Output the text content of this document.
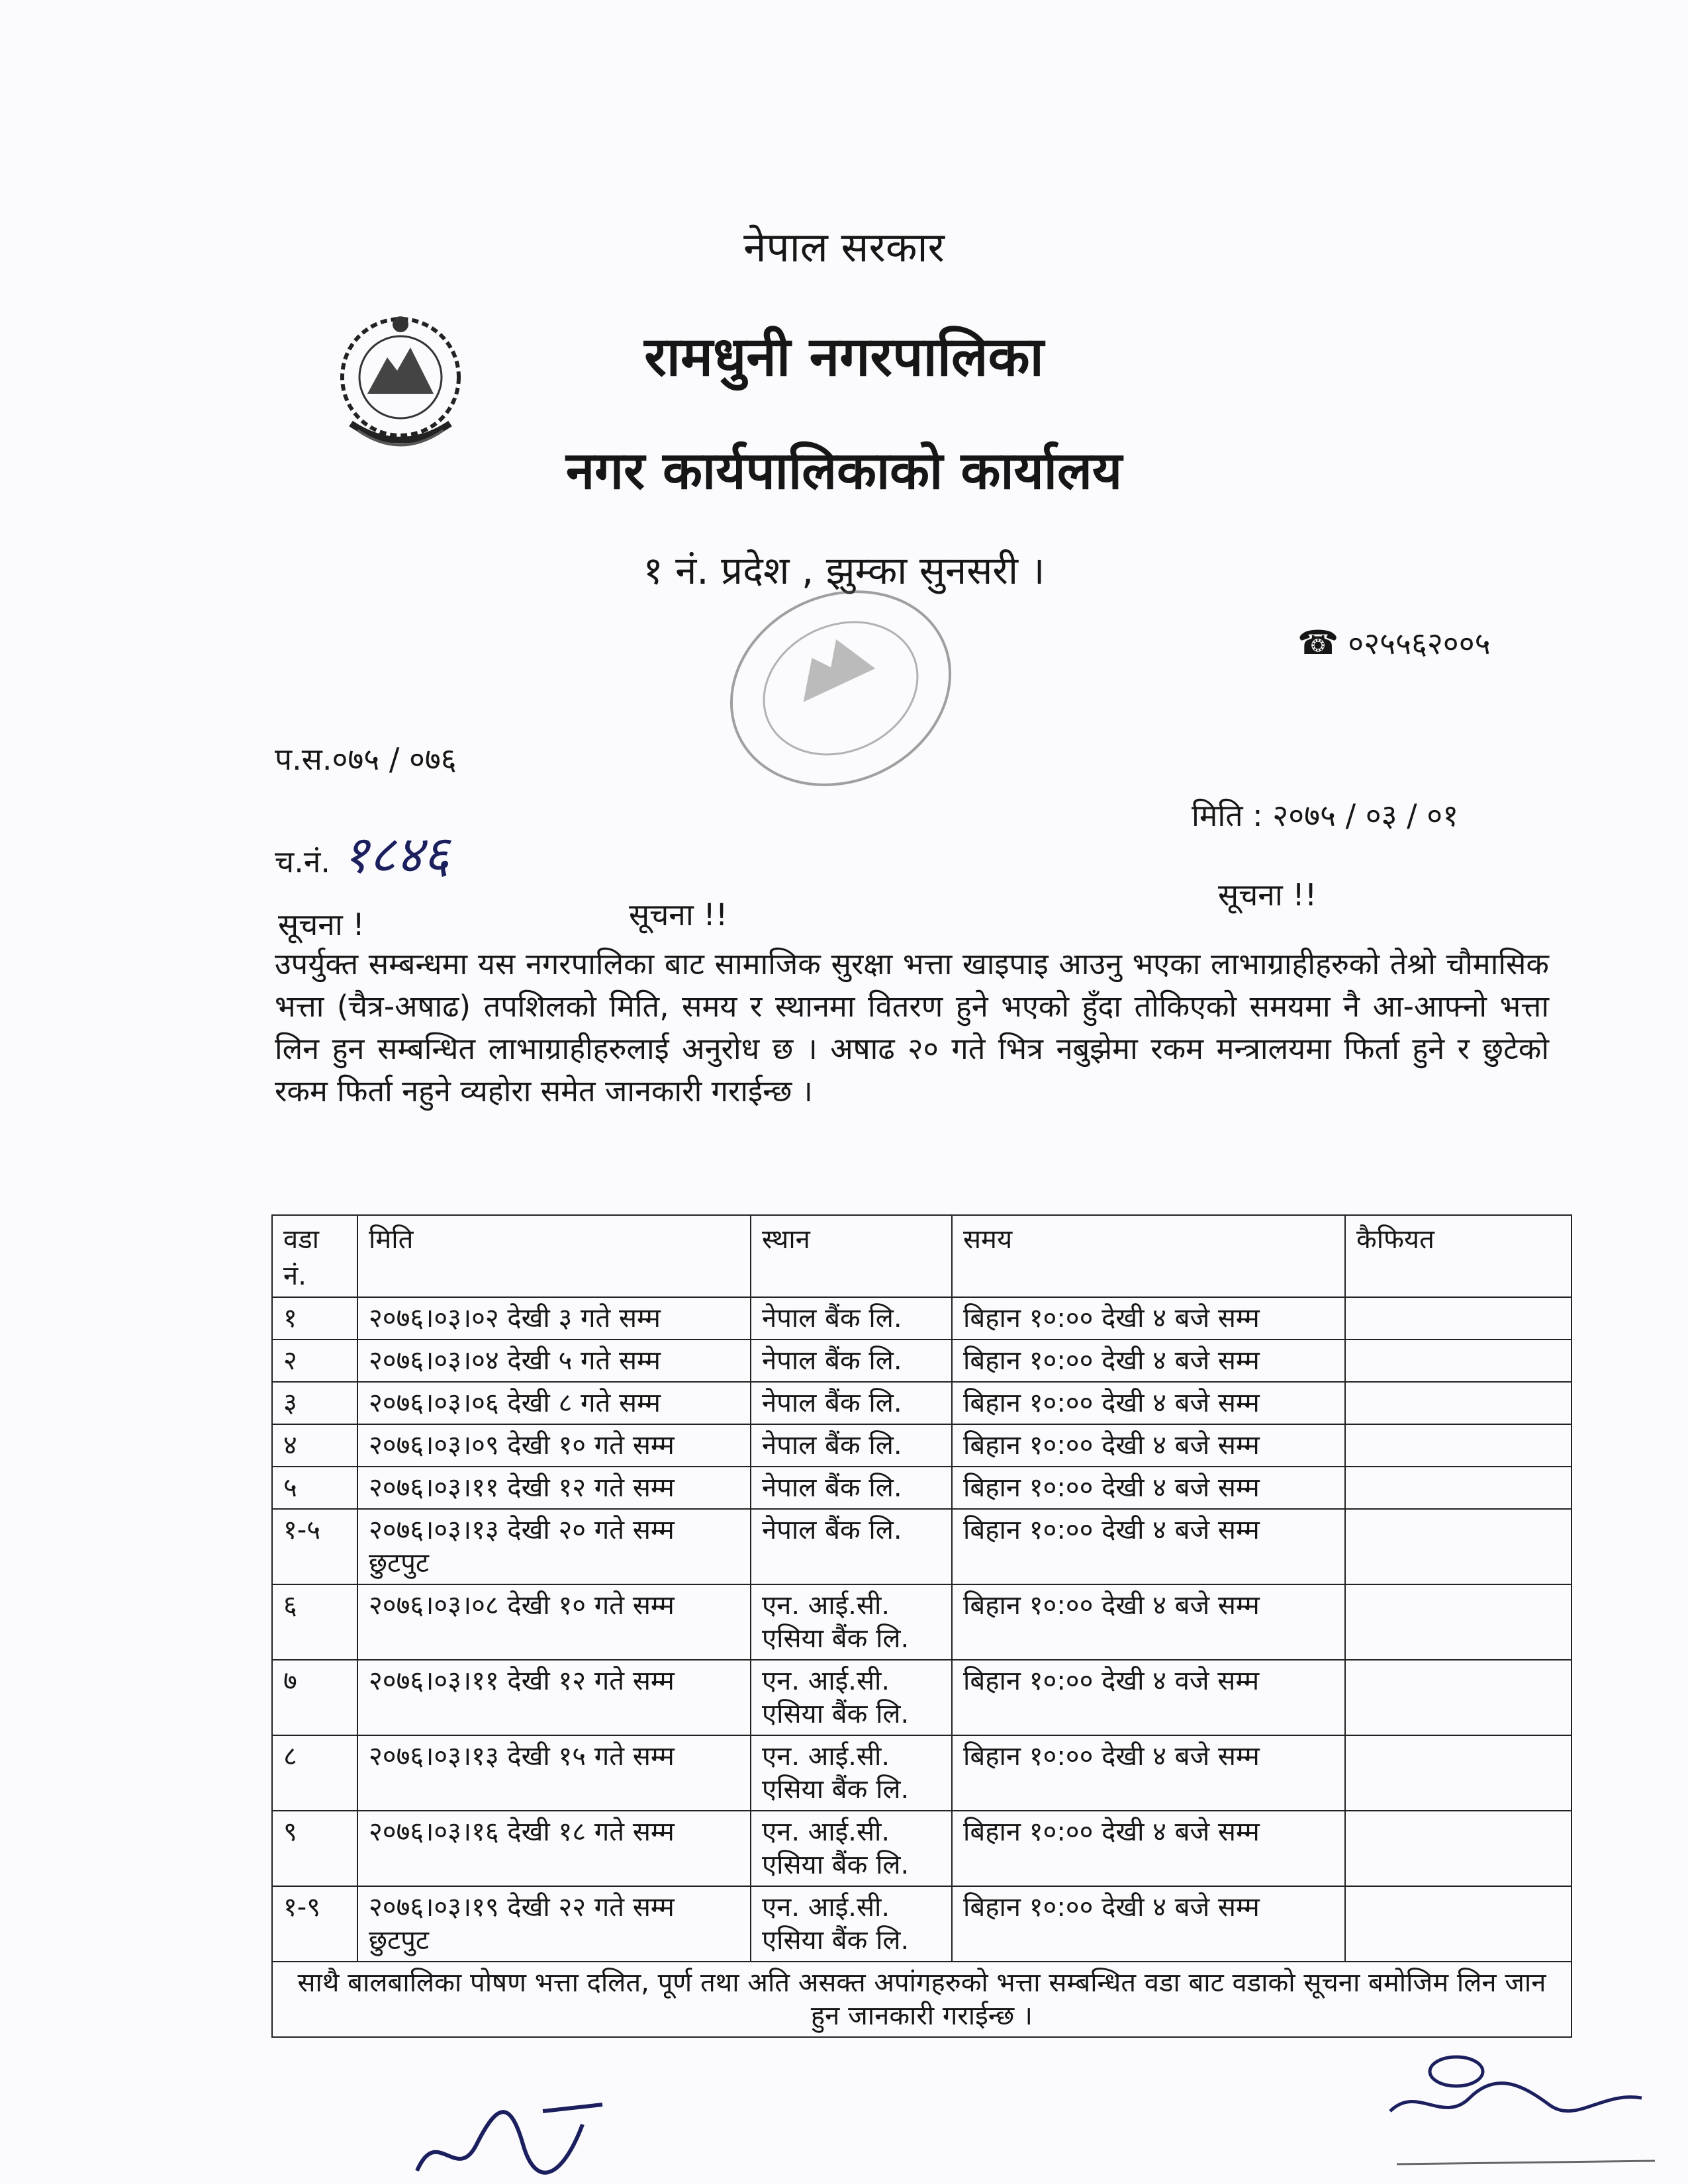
नेपाल सरकार
रामधुनी नगरपालिका
नगर कार्यपालिकाको कार्यालय
१ नं. प्रदेश , झुम्का सुनसरी ।
☎ ०२५५६२००५
प.स.०७५ / ०७६
च.नं. १८४६
मिति : २०७५ / ०३ / ०१
सूचना !	सूचना !!
सूचना !!
उपर्युक्त सम्बन्धमा यस नगरपालिका बाट सामाजिक सुरक्षा भत्ता खाइपाइ आउनु भएका लाभाग्राहीहरुको तेश्रो चौमासिक भत्ता (चैत्र-अषाढ) तपशिलको मिति, समय र स्थानमा वितरण हुने भएको हुँदा तोकिएको समयमा नै आ-आफ्नो भत्ता लिन हुन सम्बन्धित लाभाग्राहीहरुलाई अनुरोध छ । अषाढ २० गते भित्र नबुझेमा रकम मन्त्रालयमा फिर्ता हुने र छुटेको रकम फिर्ता नहुने व्यहोरा समेत जानकारी गराईन्छ ।
वडा नं.	मिति	स्थान	समय	कैफियत
१	२०७६।०३।०२ देखी ३ गते सम्म	नेपाल बैंक लि.	बिहान १०:०० देखी ४ बजे सम्म	
२	२०७६।०३।०४ देखी ५ गते सम्म	नेपाल बैंक लि.	बिहान १०:०० देखी ४ बजे सम्म	
३	२०७६।०३।०६ देखी ८ गते सम्म	नेपाल बैंक लि.	बिहान १०:०० देखी ४ बजे सम्म	
४	२०७६।०३।०९ देखी १० गते सम्म	नेपाल बैंक लि.	बिहान १०:०० देखी ४ बजे सम्म	
५	२०७६।०३।११ देखी १२ गते सम्म	नेपाल बैंक लि.	बिहान १०:०० देखी ४ बजे सम्म	
१-५	२०७६।०३।१३ देखी २० गते सम्म छुटपुट	नेपाल बैंक लि.	बिहान १०:०० देखी ४ बजे सम्म	
६	२०७६।०३।०८ देखी १० गते सम्म	एन. आई.सी. एसिया बैंक लि.	बिहान १०:०० देखी ४ बजे सम्म	
७	२०७६।०३।११ देखी १२ गते सम्म	एन. आई.सी. एसिया बैंक लि.	बिहान १०:०० देखी ४ वजे सम्म	
८	२०७६।०३।१३ देखी १५ गते सम्म	एन. आई.सी. एसिया बैंक लि.	बिहान १०:०० देखी ४ बजे सम्म	
९	२०७६।०३।१६ देखी १८ गते सम्म	एन. आई.सी. एसिया बैंक लि.	बिहान १०:०० देखी ४ बजे सम्म	
१-९	२०७६।०३।१९ देखी २२ गते सम्म छुटपुट	एन. आई.सी. एसिया बैंक लि.	बिहान १०:०० देखी ४ बजे सम्म	
साथै बालबालिका पोषण भत्ता दलित, पूर्ण तथा अति असक्त अपांगहरुको भत्ता सम्बन्धित वडा बाट वडाको सूचना बमोजिम लिन जान हुन जानकारी गराईन्छ ।				
